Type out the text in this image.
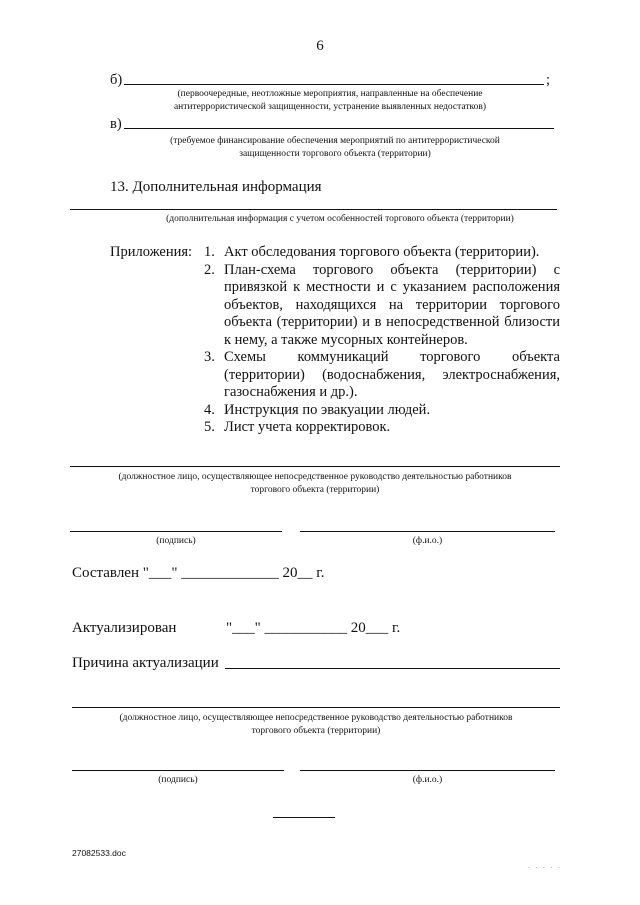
6
б)	;
(первоочередные, неотложные мероприятия, направленные на обеспечение
антитеррористической защищенности, устранение выявленных недостатков)
в)
(требуемое финансирование обеспечения мероприятий по антитеррористической
защищенности торгового объекта (территории)
13. Дополнительная информация
(дополнительная информация с учетом особенностей торгового объекта (территории)
Приложения: 1. Акт обследования торгового объекта (территории).
2. План-схема торгового объекта (территории) с привязкой к местности и с указанием расположения объектов, находящихся на территории торгового объекта (территории) и в непосредственной близости к нему, а также мусорных контейнеров.
3. Схемы коммуникаций торгового объекта (территории) (водоснабжения, электроснабжения, газоснабжения и др.).
4. Инструкция по эвакуации людей.
5. Лист учета корректировок.
(должностное лицо, осуществляющее непосредственное руководство деятельностью работников
торгового объекта (территории)
(подпись)	(ф.и.о.)
Составлен "___" _____________ 20__ г.
Актуализирован	"___" ___________ 20___ г.
Причина актуализации
(должностное лицо, осуществляющее непосредственное руководство деятельностью работников
торгового объекта (территории)
(подпись)	(ф.и.о.)
27082533.doc
. . . . .
